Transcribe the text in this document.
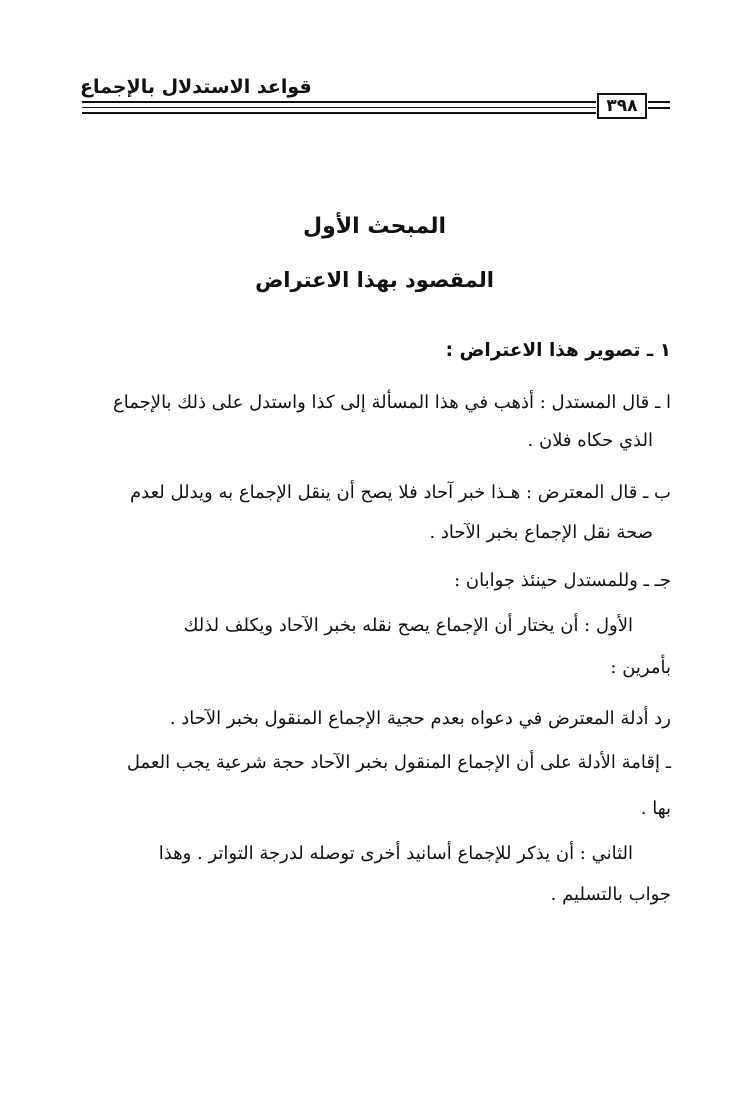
قواعد الاستدلال بالإجماع
٣٩٨
المبحث الأول
المقصود بهذا الاعتراض
١ ـ تصوير هذا الاعتراض :
ا ـ قال المستدل : أذهب في هذا المسألة إلى كذا واستدل على ذلك بالإجماع
الذي حكاه فلان .
ب ـ قال المعترض : هـذا خبر آحاد فلا يصح أن ينقل الإجماع به ويدلل لعدم
صحة نقل الإجماع بخبر الآحاد .
جـ ـ وللمستدل حينئذ جوابان :
الأول : أن يختار أن الإجماع يصح نقله بخبر الآحاد ويكلف لذلك
بأمرين :
رد أدلة المعترض في دعواه بعدم حجية الإجماع المنقول بخبر الآحاد .
ـ إقامة الأدلة على أن الإجماع المنقول بخبر الآحاد حجة شرعية يجب العمل
بها .
الثاني : أن يذكر للإجماع أسانيد أخرى توصله لدرجة التواتر . وهذا
جواب بالتسليم .
